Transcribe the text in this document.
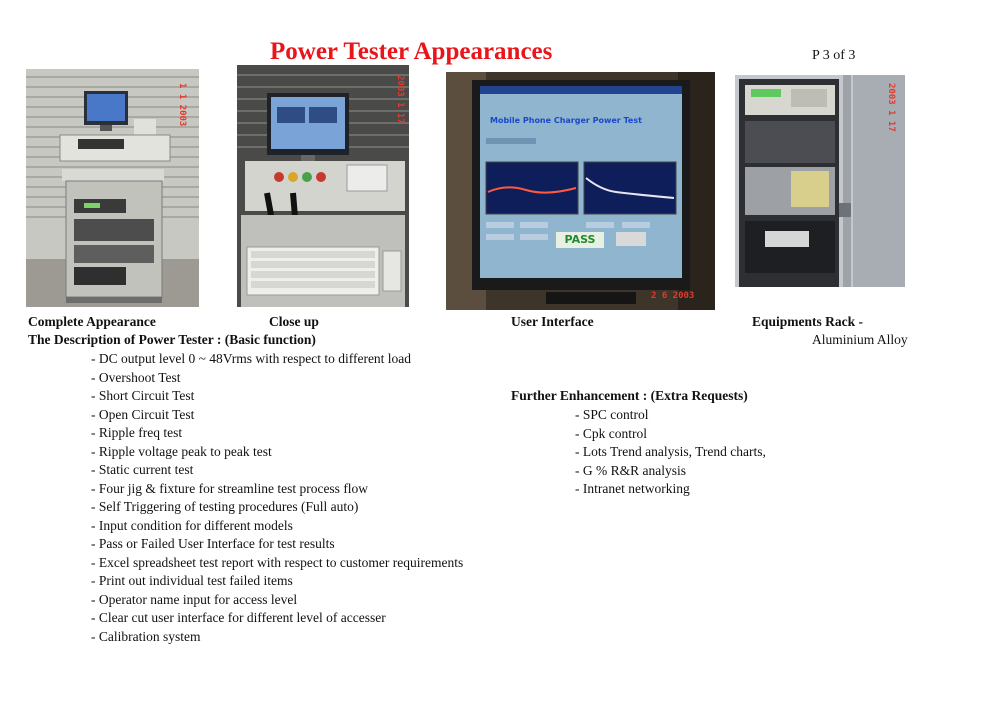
Power Tester Appearances	P 3 of 3
1 1 2003	2003 1 17	Mobile Phone Charger Power Test
PASS
2 6 2003
2003 1 17
Complete Appearance	Close up	User Interface	Equipments Rack -
Aluminium Alloy
The Description of Power Tester : (Basic function)
- DC output level 0 ~ 48Vrms with respect to different load
- Overshoot Test
- Short Circuit Test
- Open Circuit Test
- Ripple freq test
- Ripple voltage peak to peak test
- Static current test
- Four jig & fixture for streamline test process flow
- Self Triggering of testing procedures (Full auto)
- Input condition for different models
- Pass or Failed User Interface for test results
- Excel spreadsheet test report with respect to customer requirements
- Print out individual test failed items
- Operator name input for access level
- Clear cut user interface for different level of accesser
- Calibration system
Further Enhancement : (Extra Requests)
- SPC control
- Cpk control
- Lots Trend analysis, Trend charts,
- G % R&R analysis
- Intranet networking
